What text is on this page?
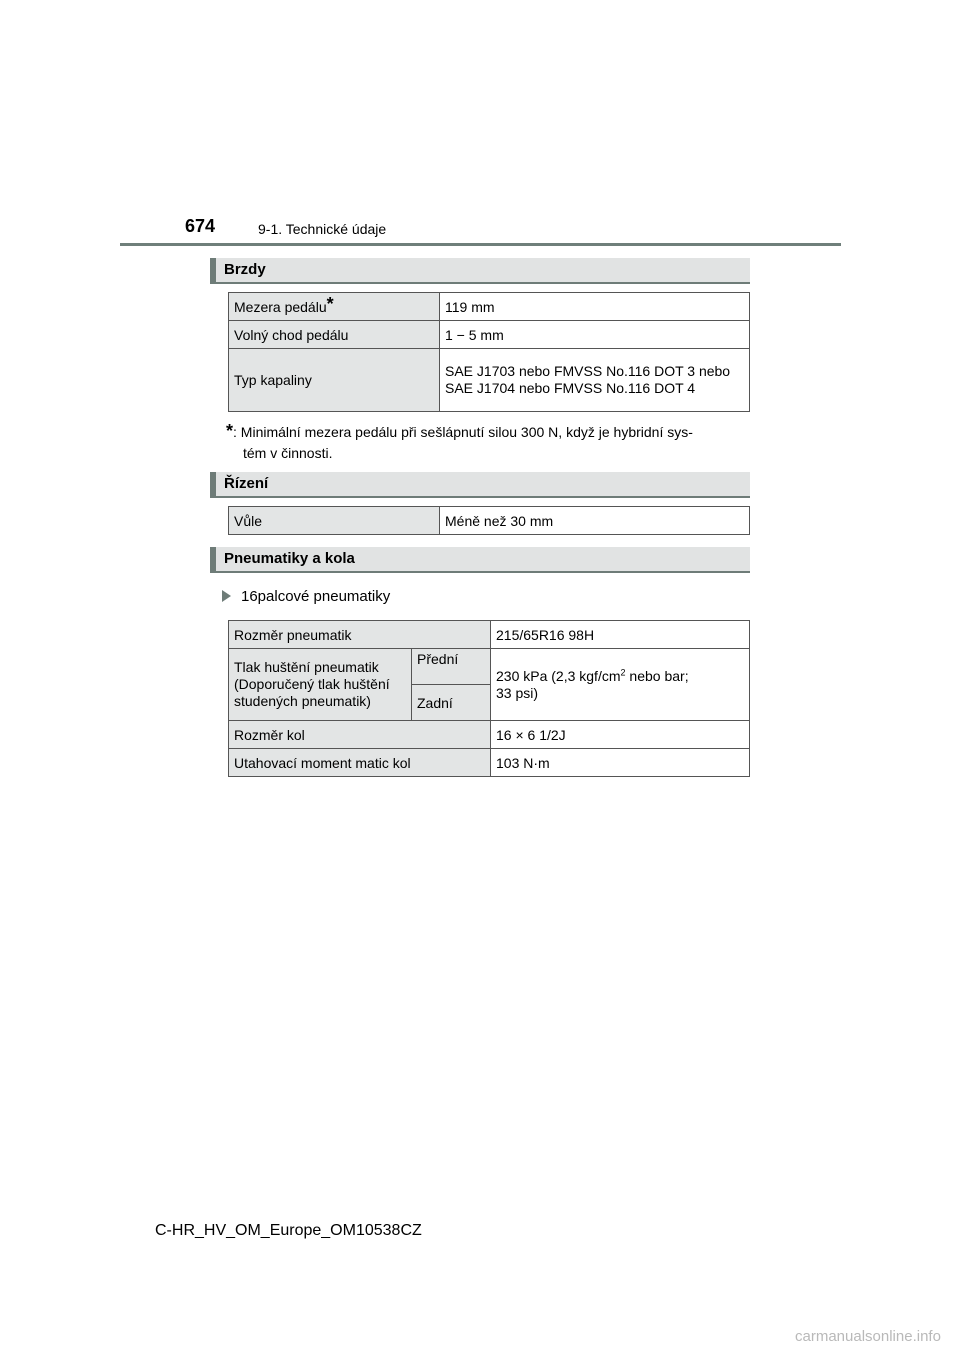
674	9-1. Technické údaje
Brzdy
Mezera pedálu*	119 mm
Volný chod pedálu	1 − 5 mm
Typ kapaliny	SAE J1703 nebo FMVSS No.116 DOT 3 nebo SAE J1704 nebo FMVSS No.116 DOT 4
*: Minimální mezera pedálu při sešlápnutí silou 300 N, když je hybridní sys-
tém v činnosti.
Řízení
Vůle	Méně než 30 mm
Pneumatiky a kola
16palcové pneumatiky
Rozměr pneumatik		215/65R16 98H
Tlak huštění pneumatik (Doporučený tlak huštění studených pneumatik)	Přední	230 kPa (2,3 kgf/$cm^2$ nebo bar;
33 psi)
	Zadní	
Rozměr kol		16 × 6 1/2J
Utahovací moment matic kol		103 N·m
C-HR_HV_OM_Europe_OM10538CZ
carmanualsonline.info
